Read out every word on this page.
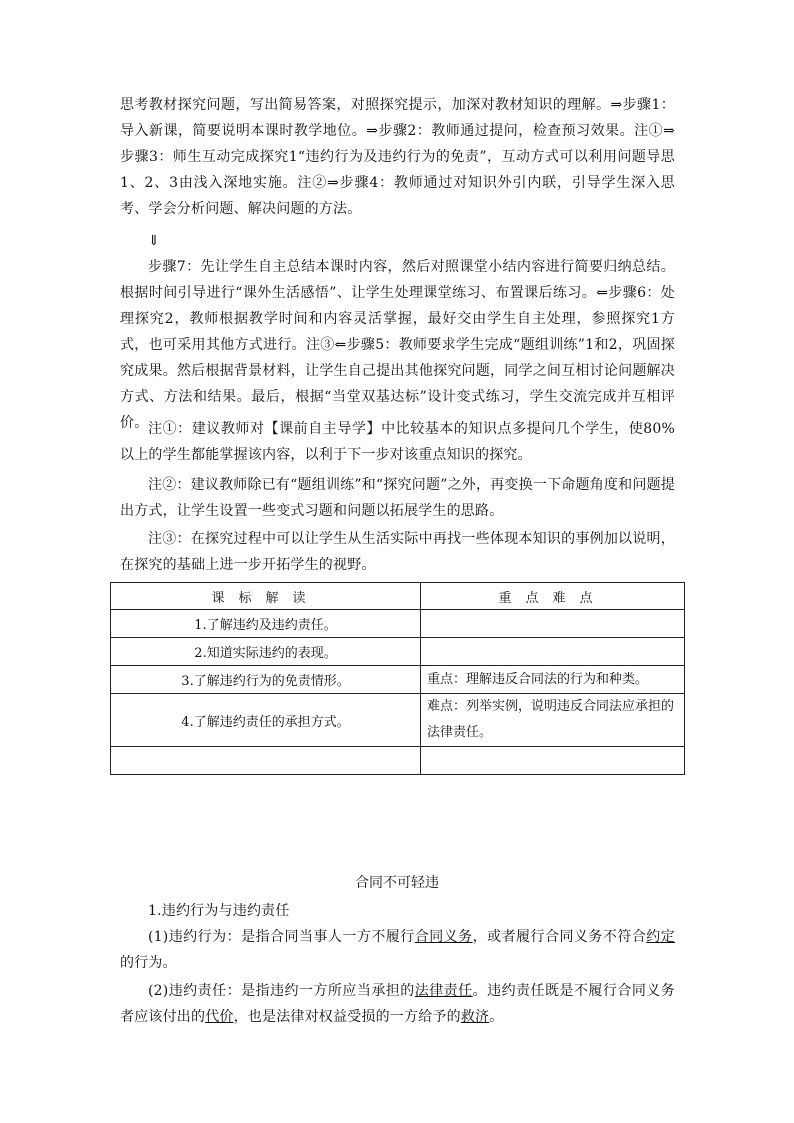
思考教材探究问题，写出简易答案，对照探究提示，加深对教材知识的理解。⇒步骤1：导入新课，简要说明本课时教学地位。⇒步骤2：教师通过提问，检查预习效果。注①⇒步骤3：师生互动完成探究1“违约行为及违约行为的免责”，互动方式可以利用问题导思1、2、3由浅入深地实施。注②⇒步骤4：教师通过对知识外引内联，引导学生深入思考、学会分析问题、解决问题的方法。
⇓
步骤7：先让学生自主总结本课时内容，然后对照课堂小结内容进行简要归纳总结。根据时间引导进行“课外生活感悟”、让学生处理课堂练习、布置课后练习。⇐步骤6：处理探究2，教师根据教学时间和内容灵活掌握，最好交由学生自主处理，参照探究1方式，也可采用其他方式进行。注③⇐步骤5：教师要求学生完成“题组训练”1和2，巩固探究成果。然后根据背景材料，让学生自己提出其他探究问题，同学之间互相讨论问题解决方式、方法和结果。最后，根据“当堂双基达标”设计变式练习，学生交流完成并互相评价。 注①：建议教师对【课前自主导学】中比较基本的知识点多提问几个学生，使80%以上的学生都能掌握该内容，以利于下一步对该重点知识的探究。
注②：建议教师除已有“题组训练”和“探究问题”之外，再变换一下命题角度和问题提出方式，让学生设置一些变式习题和问题以拓展学生的思路。
注③：在探究过程中可以让学生从生活实际中再找一些体现本知识的事例加以说明，在探究的基础上进一步开拓学生的视野。
课标解读	重点难点
1.了解违约及违约责任。	
2.知道实际违约的表现。	
3.了解违约行为的免责情形。	重点：理解违反合同法的行为和种类。
4.了解违约责任的承担方式。	难点：列举实例，说明违反合同法应承担的法律责任。

合同不可轻违
1.违约行为与违约责任
(1)违约行为：是指合同当事人一方不履行合同义务，或者履行合同义务不符合约定的行为。
(2)违约责任：是指违约一方所应当承担的法律责任。违约责任既是不履行合同义务者应该付出的代价，也是法律对权益受损的一方给予的救济。
